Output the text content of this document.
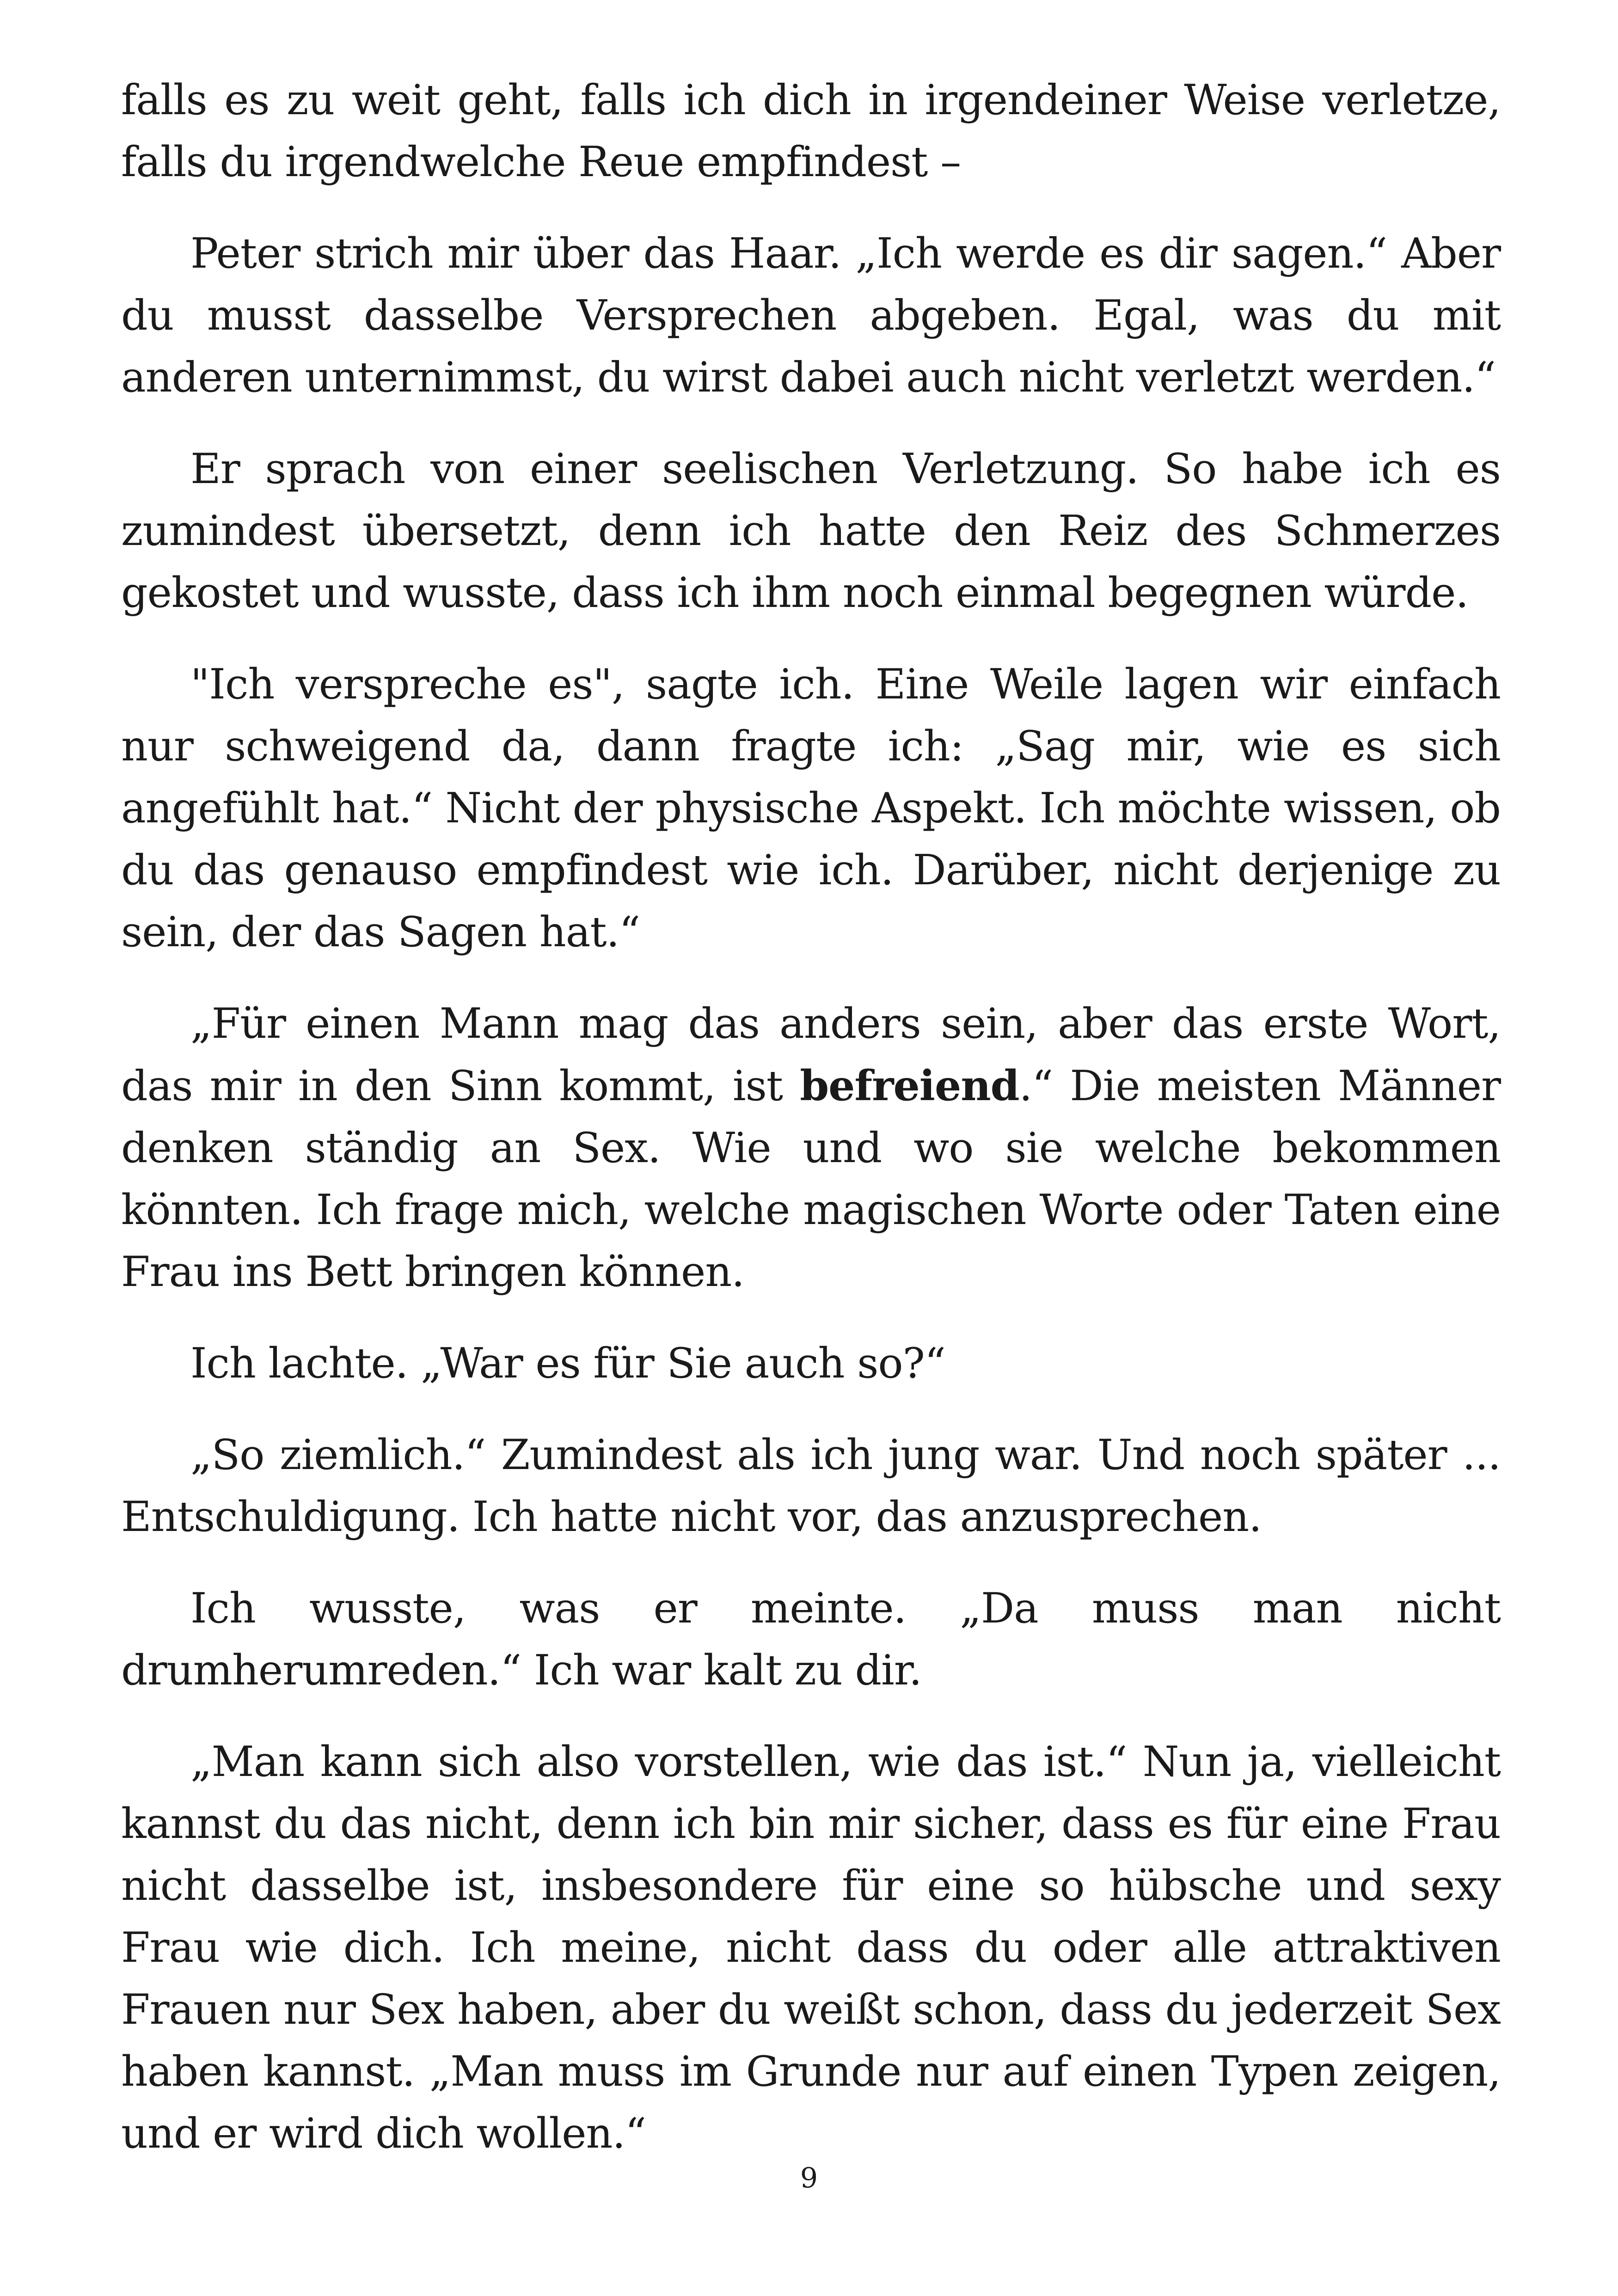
falls es zu weit geht, falls ich dich in irgendeiner Weise verletze, falls du irgendwelche Reue empfindest –

Peter strich mir über das Haar. „Ich werde es dir sagen.“ Aber du musst dasselbe Versprechen abgeben. Egal, was du mit anderen unternimmst, du wirst dabei auch nicht verletzt werden.“

Er sprach von einer seelischen Verletzung. So habe ich es zumindest übersetzt, denn ich hatte den Reiz des Schmerzes gekostet und wusste, dass ich ihm noch einmal begegnen würde.

"Ich verspreche es", sagte ich. Eine Weile lagen wir einfach nur schweigend da, dann fragte ich: „Sag mir, wie es sich angefühlt hat.“ Nicht der physische Aspekt. Ich möchte wissen, ob du das genauso empfindest wie ich. Darüber, nicht derjenige zu sein, der das Sagen hat.“

„Für einen Mann mag das anders sein, aber das erste Wort, das mir in den Sinn kommt, ist befreiend.“ Die meisten Männer denken ständig an Sex. Wie und wo sie welche bekommen könnten. Ich frage mich, welche magischen Worte oder Taten eine Frau ins Bett bringen können.

Ich lachte. „War es für Sie auch so?“

„So ziemlich.“ Zumindest als ich jung war. Und noch später ... Entschuldigung. Ich hatte nicht vor, das anzusprechen.

Ich wusste, was er meinte. „Da muss man nicht drumherumreden.“ Ich war kalt zu dir.

„Man kann sich also vorstellen, wie das ist.“ Nun ja, vielleicht kannst du das nicht, denn ich bin mir sicher, dass es für eine Frau nicht dasselbe ist, insbesondere für eine so hübsche und sexy Frau wie dich. Ich meine, nicht dass du oder alle attraktiven Frauen nur Sex haben, aber du weißt schon, dass du jederzeit Sex haben kannst. „Man muss im Grunde nur auf einen Typen zeigen, und er wird dich wollen.“

9
